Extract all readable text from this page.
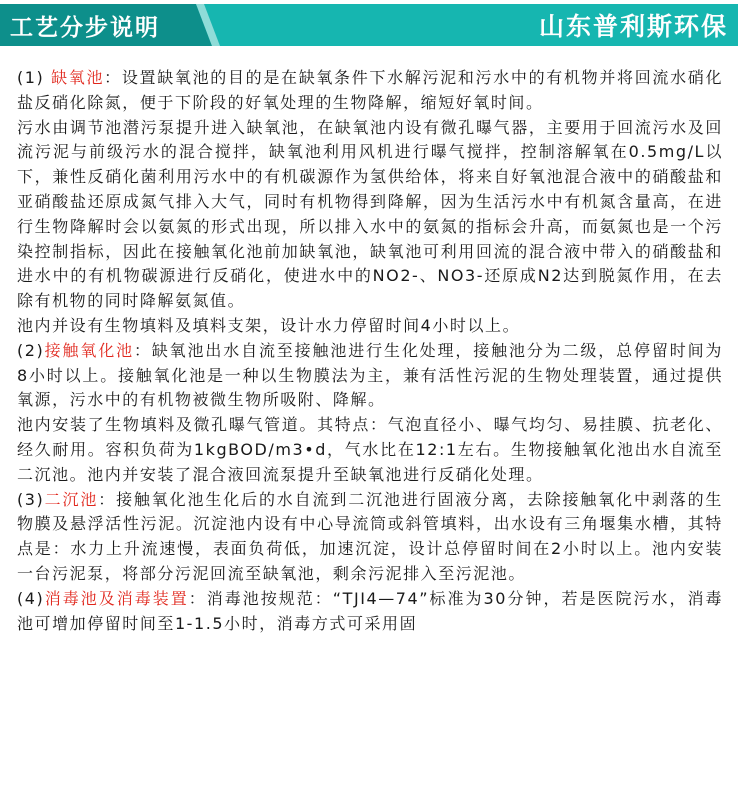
工艺分步说明	山东普利斯环保

(1) 缺氧池：设置缺氧池的目的是在缺氧条件下水解污泥和污水中的有机物并将回流水硝化盐反硝化除氮，便于下阶段的好氧处理的生物降解，缩短好氧时间。

污水由调节池潜污泵提升进入缺氧池，在缺氧池内设有微孔曝气器，主要用于回流污水及回流污泥与前级污水的混合搅拌，缺氧池利用风机进行曝气搅拌，控制溶解氧在0.5mg/L以下，兼性反硝化菌利用污水中的有机碳源作为氢供给体，将来自好氧池混合液中的硝酸盐和亚硝酸盐还原成氮气排入大气，同时有机物得到降解，因为生活污水中有机氮含量高，在进行生物降解时会以氨氮的形式出现，所以排入水中的氨氮的指标会升高，而氨氮也是一个污染控制指标，因此在接触氧化池前加缺氧池，缺氧池可利用回流的混合液中带入的硝酸盐和进水中的有机物碳源进行反硝化，使进水中的NO2-、NO3-还原成N2达到脱氮作用，在去除有机物的同时降解氨氮值。

池内并设有生物填料及填料支架，设计水力停留时间4小时以上。

(2)接触氧化池：缺氧池出水自流至接触池进行生化处理，接触池分为二级，总停留时间为 8小时以上。接触氧化池是一种以生物膜法为主，兼有活性污泥的生物处理装置，通过提供氧源，污水中的有机物被微生物所吸附、降解。

池内安装了生物填料及微孔曝气管道。其特点：气泡直径小、曝气均匀、易挂膜、抗老化、经久耐用。容积负荷为1kgBOD/m3•d，气水比在12:1左右。生物接触氧化池出水自流至二沉池。池内并安装了混合液回流泵提升至缺氧池进行反硝化处理。

(3)二沉池：接触氧化池生化后的水自流到二沉池进行固液分离，去除接触氧化中剥落的生物膜及悬浮活性污泥。沉淀池内设有中心导流筒或斜管填料，出水设有三角堰集水槽，其特点是：水力上升流速慢，表面负荷低，加速沉淀，设计总停留时间在2小时以上。池内安装一台污泥泵，将部分污泥回流至缺氧池，剩余污泥排入至污泥池。

(4)消毒池及消毒装置：消毒池按规范：“TJI4—74”标准为30分钟，若是医院污水，消毒池可增加停留时间至1-1.5小时，消毒方式可采用固
